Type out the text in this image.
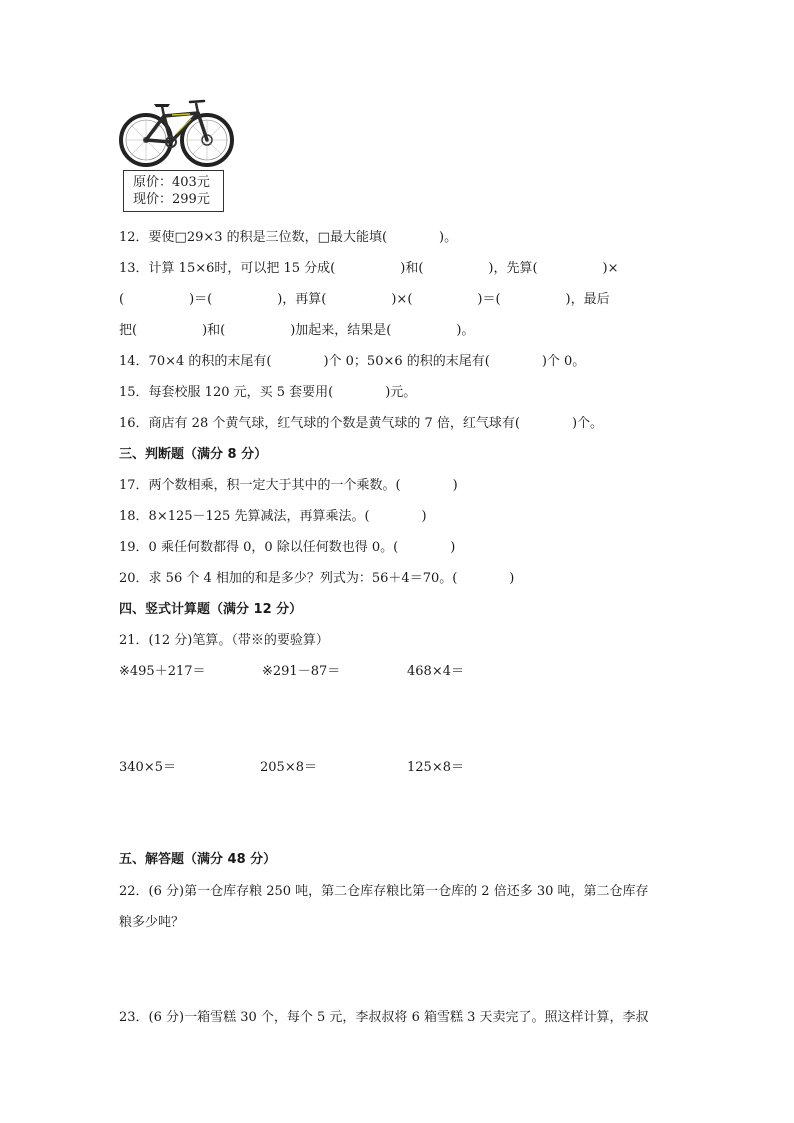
原价：403元
现价：299元
12．要使□29×3 的积是三位数，□最大能填(　　　　)。
13．计算 15×6时，可以把 15 分成(　　　　　)和(　　　　　)，先算(　　　　　)×
(　　　　　)＝(　　　　　)，再算(　　　　　)×(　　　　　)＝(　　　　　)，最后
把(　　　　　)和(　　　　　)加起来，结果是(　　　　　)。
14．70×4 的积的末尾有(　　　　)个 0；50×6 的积的末尾有(　　　　)个 0。
15．每套校服 120 元，买 5 套要用(　　　　)元。
16．商店有 28 个黄气球，红气球的个数是黄气球的 7 倍，红气球有(　　　　)个。
三、判断题（满分 8 分）
17．两个数相乘，积一定大于其中的一个乘数。(　　　　)
18．8×125－125 先算减法，再算乘法。(　　　　)
19．0 乘任何数都得 0，0 除以任何数也得 0。(　　　　)
20．求 56 个 4 相加的和是多少？列式为：56＋4＝70。(　　　　)
四、竖式计算题（满分 12 分）
21．(12 分)笔算。（带※的要验算）
※495＋217＝	※291－87＝	468×4＝
340×5＝	205×8＝	125×8＝
五、解答题（满分 48 分）
22．(6 分)第一仓库存粮 250 吨，第二仓库存粮比第一仓库的 2 倍还多 30 吨，第二仓库存
粮多少吨？
23．(6 分)一箱雪糕 30 个，每个 5 元，李叔叔将 6 箱雪糕 3 天卖完了。照这样计算，李叔
